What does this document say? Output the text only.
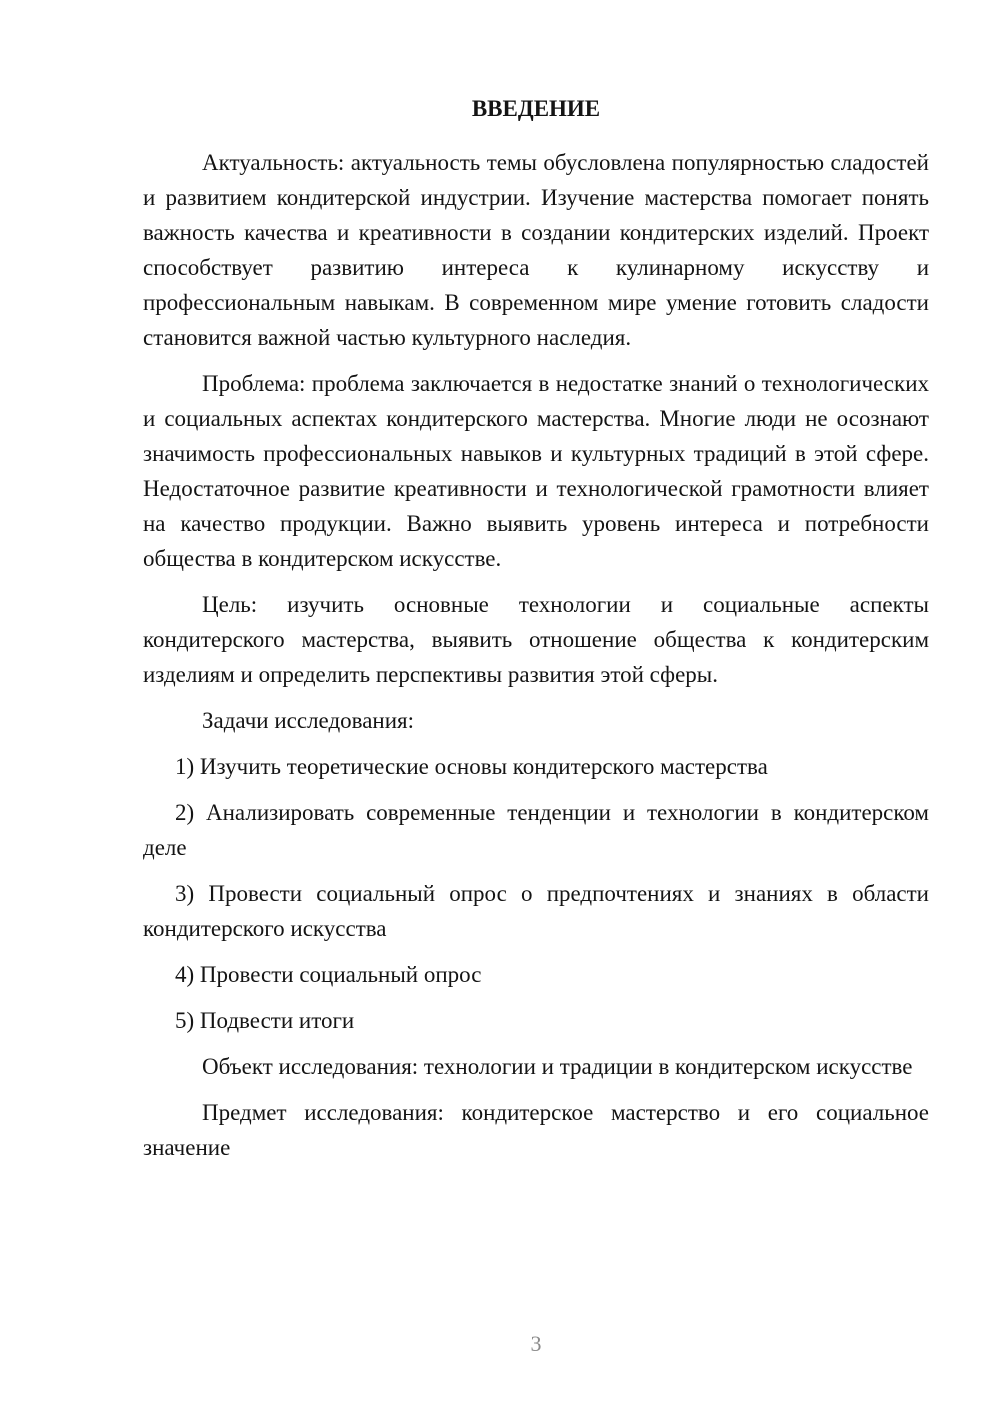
ВВЕДЕНИЕ

Актуальность: актуальность темы обусловлена популярностью сладостей и развитием кондитерской индустрии. Изучение мастерства помогает понять важность качества и креативности в создании кондитерских изделий. Проект способствует развитию интереса к кулинарному искусству и профессиональным навыкам. В современном мире умение готовить сладости становится важной частью культурного наследия.

Проблема: проблема заключается в недостатке знаний о технологических и социальных аспектах кондитерского мастерства. Многие люди не осознают значимость профессиональных навыков и культурных традиций в этой сфере. Недостаточное развитие креативности и технологической грамотности влияет на качество продукции. Важно выявить уровень интереса и потребности общества в кондитерском искусстве.

Цель: изучить основные технологии и социальные аспекты кондитерского мастерства, выявить отношение общества к кондитерским изделиям и определить перспективы развития этой сферы.

Задачи исследования:

1) Изучить теоретические основы кондитерского мастерства

2) Анализировать современные тенденции и технологии в кондитерском деле

3) Провести социальный опрос о предпочтениях и знаниях в области кондитерского искусства

4) Провести социальный опрос

5) Подвести итоги

Объект исследования: технологии и традиции в кондитерском искусстве

Предмет исследования: кондитерское мастерство и его социальное значение

3
